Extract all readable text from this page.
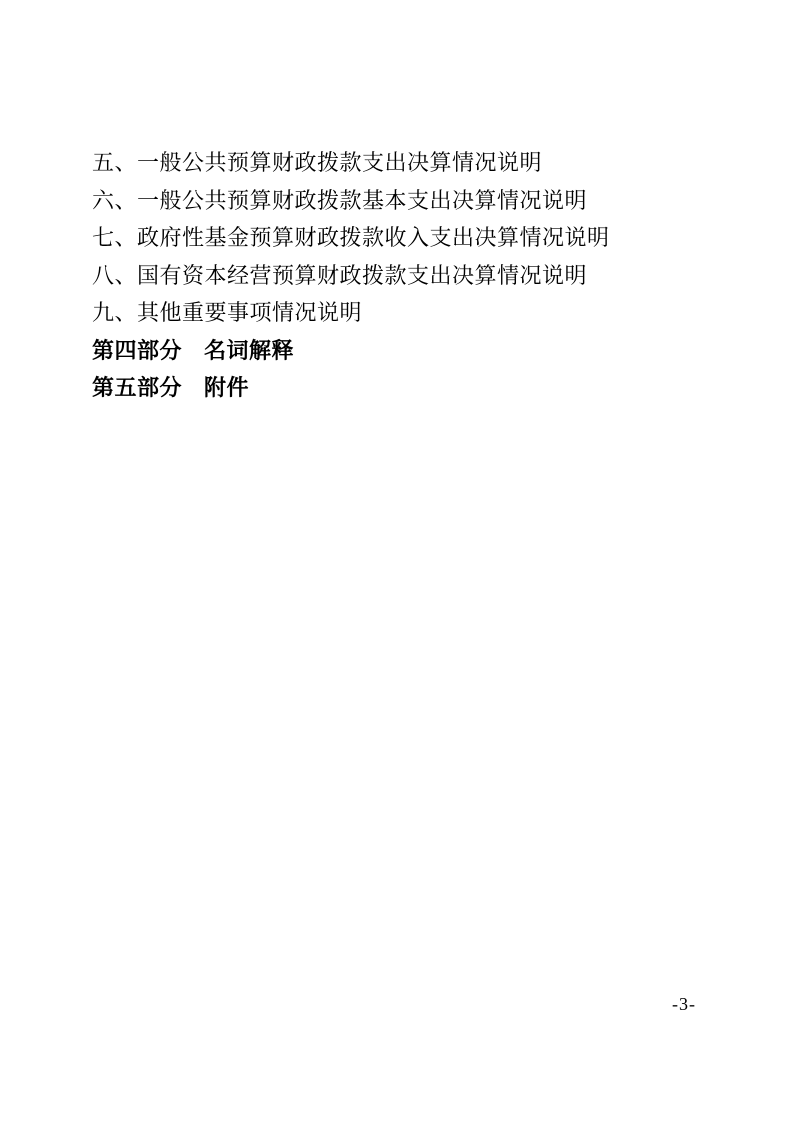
五、一般公共预算财政拨款支出决算情况说明
六、一般公共预算财政拨款基本支出决算情况说明
七、政府性基金预算财政拨款收入支出决算情况说明
八、国有资本经营预算财政拨款支出决算情况说明
九、其他重要事项情况说明
第四部分 名词解释
第五部分 附件
-3-
